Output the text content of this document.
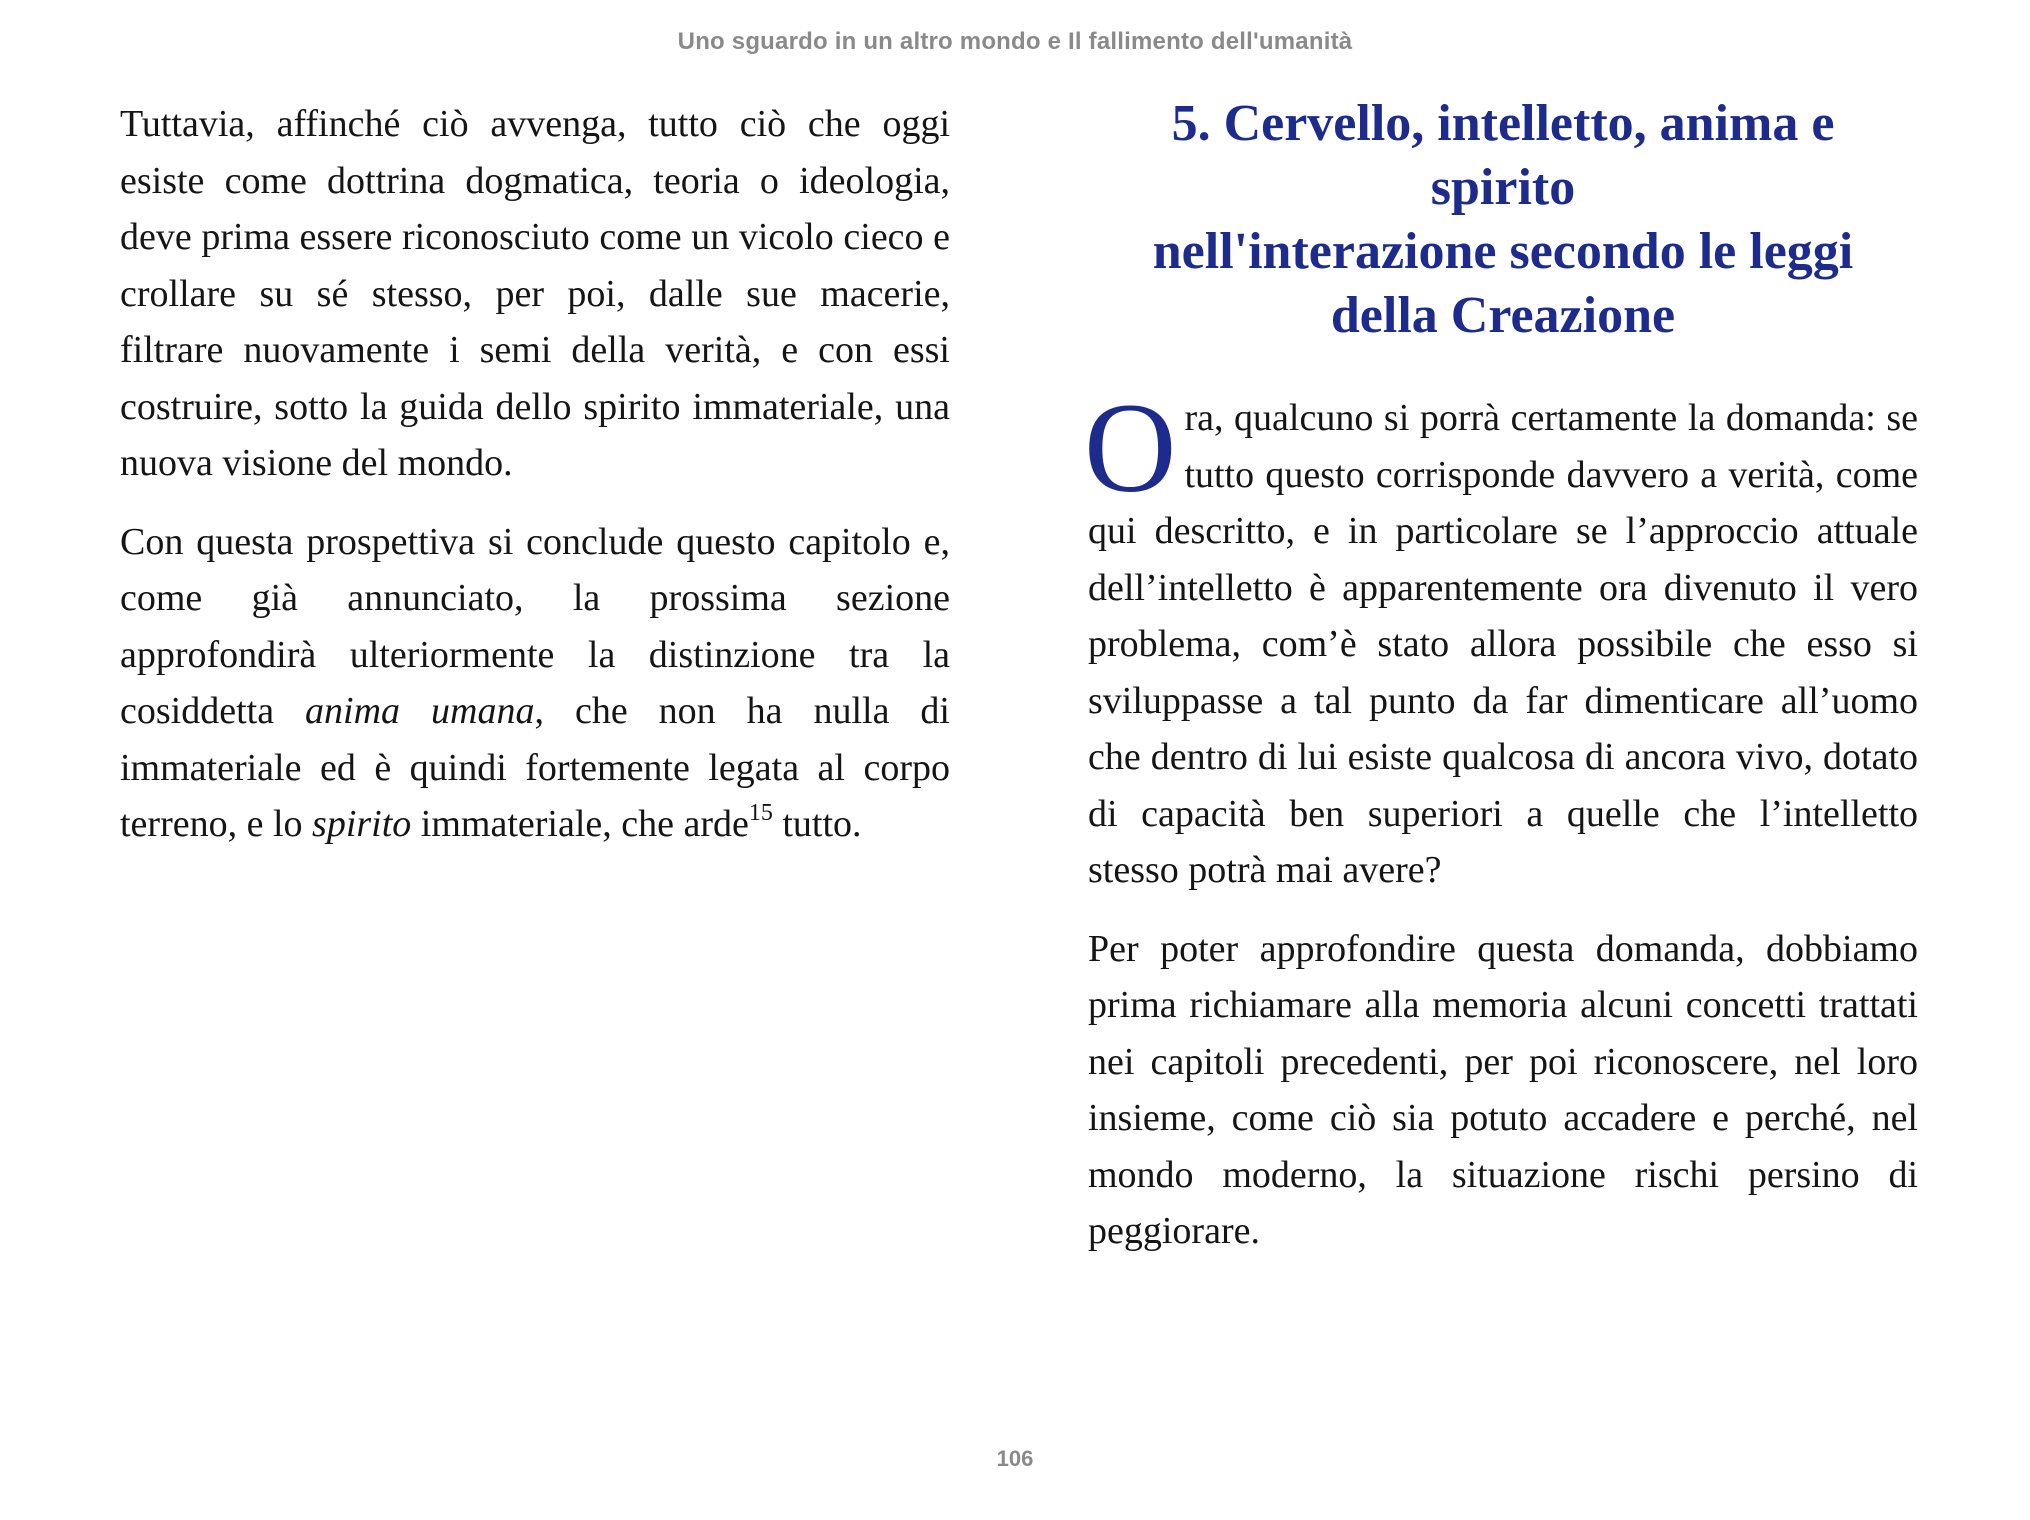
Uno sguardo in un altro mondo e Il fallimento dell'umanità

Tuttavia, affinché ciò avvenga, tutto ciò che oggi esiste come dottrina dogmatica, teoria o ideologia, deve prima essere riconosciuto come un vicolo cieco e crollare su sé stesso, per poi, dalle sue macerie, filtrare nuovamente i semi della verità, e con essi costruire, sotto la guida dello spirito immateriale, una nuova visione del mondo.

Con questa prospettiva si conclude questo capitolo e, come già annunciato, la prossima sezione approfondirà ulteriormente la distinzione tra la cosiddetta anima umana, che non ha nulla di immateriale ed è quindi fortemente legata al corpo terreno, e lo spirito immateriale, che arde$^{15}$ tutto.

5. Cervello, intelletto, anima e
spirito
nell'interazione secondo le leggi
della Creazione

Ora, qualcuno si porrà certamente la domanda: se tutto questo corrisponde davvero a verità, come qui descritto, e in particolare se l’approccio attuale dell’intelletto è apparentemente ora divenuto il vero problema, com’è stato allora possibile che esso si sviluppasse a tal punto da far dimenticare all’uomo che dentro di lui esiste qualcosa di ancora vivo, dotato di capacità ben superiori a quelle che l’intelletto stesso potrà mai avere?

Per poter approfondire questa domanda, dobbiamo prima richiamare alla memoria alcuni concetti trattati nei capitoli precedenti, per poi riconoscere, nel loro insieme, come ciò sia potuto accadere e perché, nel mondo moderno, la situazione rischi persino di peggiorare.

106
